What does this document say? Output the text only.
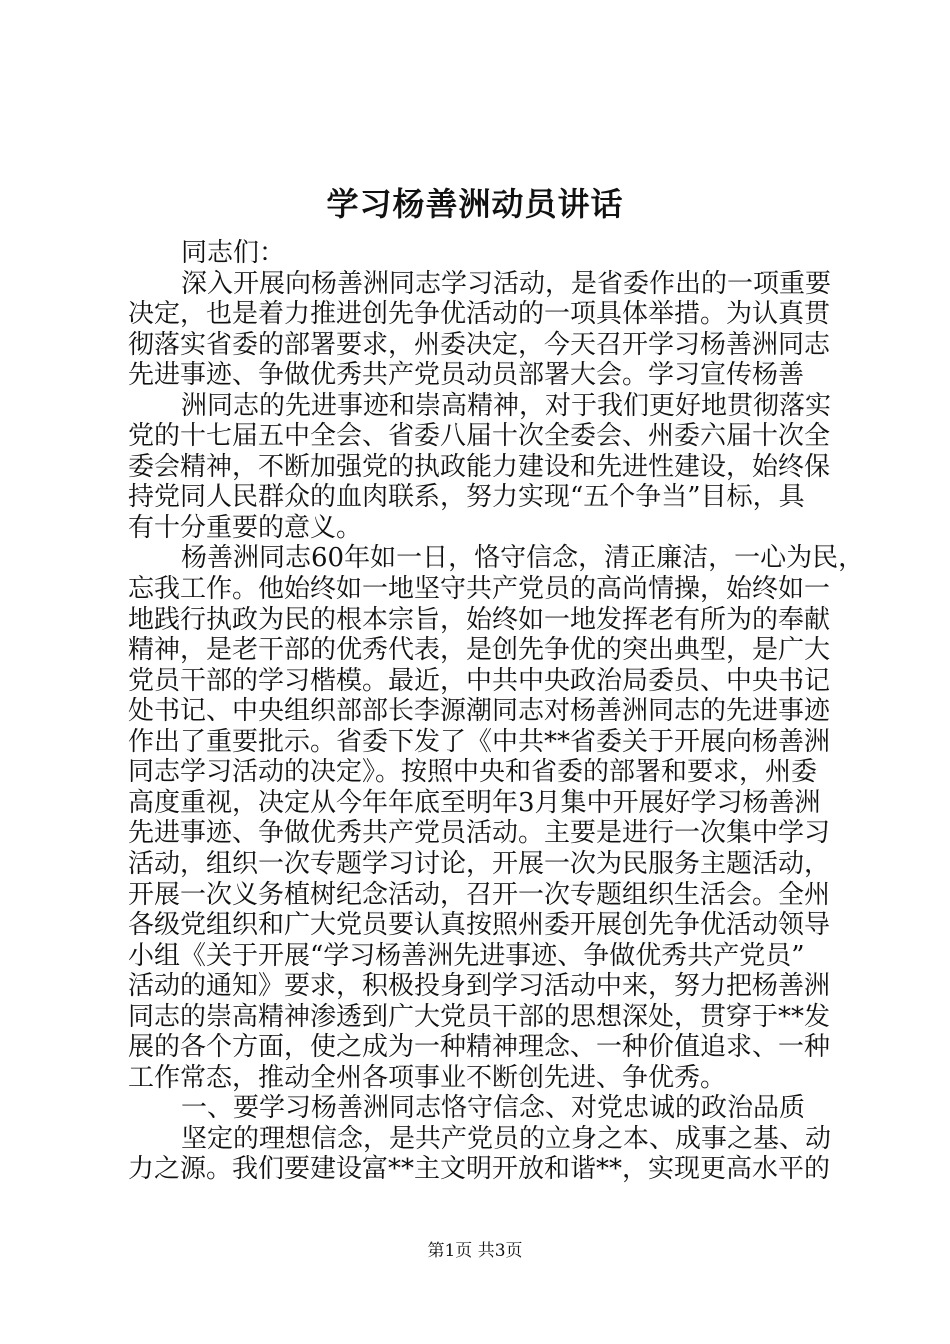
学习杨善洲动员讲话
同志们：
深入开展向杨善洲同志学习活动，是省委作出的一项重要
决定，也是着力推进创先争优活动的一项具体举措。为认真贯
彻落实省委的部署要求，州委决定，今天召开学习杨善洲同志
先进事迹、争做优秀共产党员动员部署大会。学习宣传杨善
洲同志的先进事迹和崇高精神，对于我们更好地贯彻落实
党的十七届五中全会、省委八届十次全委会、州委六届十次全
委会精神，不断加强党的执政能力建设和先进性建设，始终保
持党同人民群众的血肉联系，努力实现“五个争当”目标，具
有十分重要的意义。
杨善洲同志60年如一日，恪守信念，清正廉洁，一心为民，
忘我工作。他始终如一地坚守共产党员的高尚情操，始终如一
地践行执政为民的根本宗旨，始终如一地发挥老有所为的奉献
精神，是老干部的优秀代表，是创先争优的突出典型，是广大
党员干部的学习楷模。最近，中共中央政治局委员、中央书记
处书记、中央组织部部长李源潮同志对杨善洲同志的先进事迹
作出了重要批示。省委下发了《中共**省委关于开展向杨善洲
同志学习活动的决定》。按照中央和省委的部署和要求，州委
高度重视，决定从今年年底至明年3月集中开展好学习杨善洲
先进事迹、争做优秀共产党员活动。主要是进行一次集中学习
活动，组织一次专题学习讨论，开展一次为民服务主题活动，
开展一次义务植树纪念活动，召开一次专题组织生活会。全州
各级党组织和广大党员要认真按照州委开展创先争优活动领导
小组《关于开展“学习杨善洲先进事迹、争做优秀共产党员”
活动的通知》要求，积极投身到学习活动中来，努力把杨善洲
同志的崇高精神渗透到广大党员干部的思想深处，贯穿于**发
展的各个方面，使之成为一种精神理念、一种价值追求、一种
工作常态，推动全州各项事业不断创先进、争优秀。
一、要学习杨善洲同志恪守信念、对党忠诚的政治品质
坚定的理想信念，是共产党员的立身之本、成事之基、动
力之源。我们要建设富**主文明开放和谐**，实现更高水平的
第1页 共3页
